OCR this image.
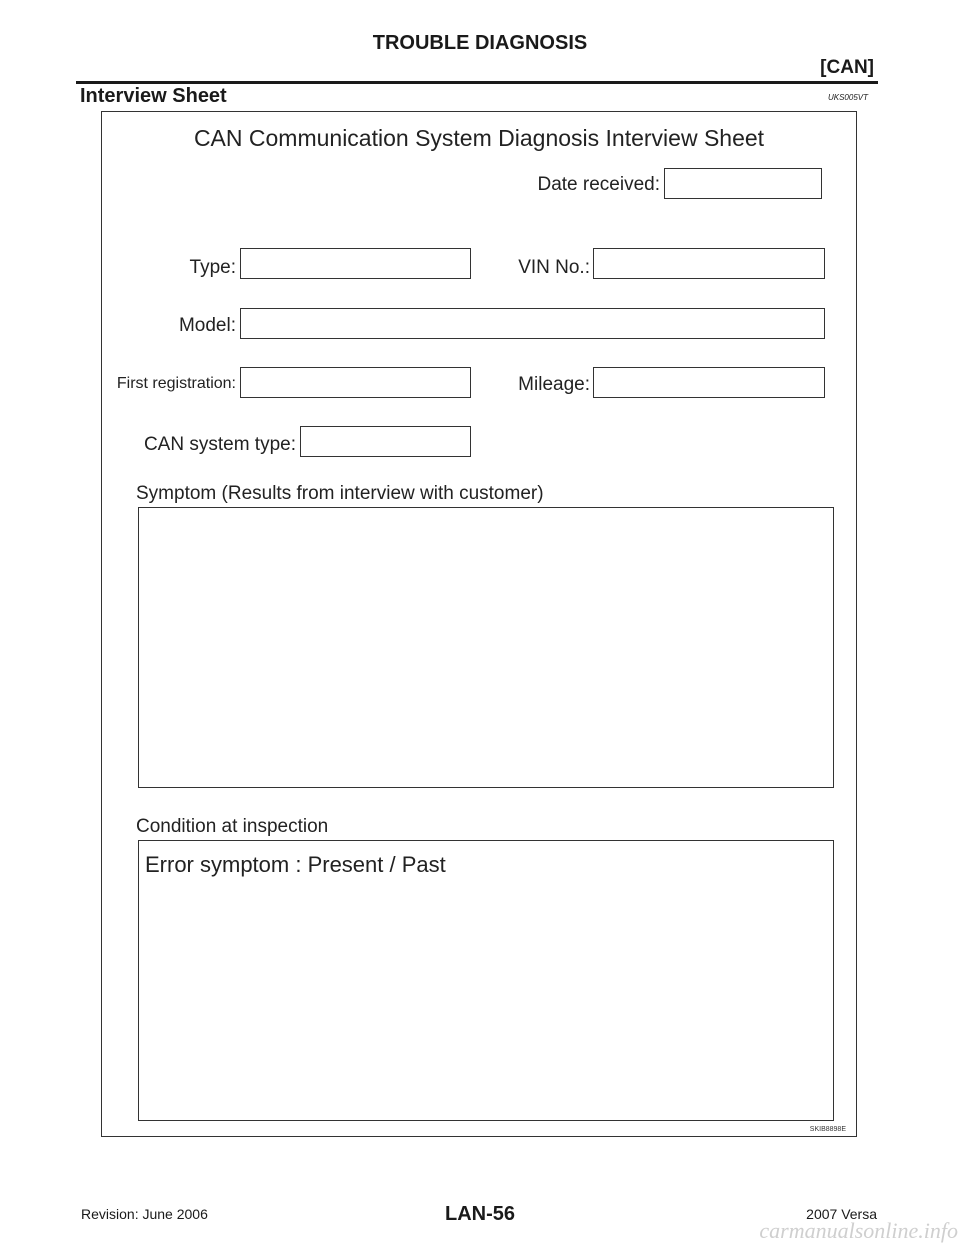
TROUBLE DIAGNOSIS
[CAN]
Interview Sheet	UKS005VT
CAN Communication System Diagnosis Interview Sheet
Date received:
Type:	VIN No.:
Model:
First registration:	Mileage:
CAN system type:
Symptom (Results from interview with customer)
Condition at inspection
Error symptom : Present / Past
SKIB8898E
Revision: June 2006	LAN-56	2007 Versa
carmanualsonline.info
